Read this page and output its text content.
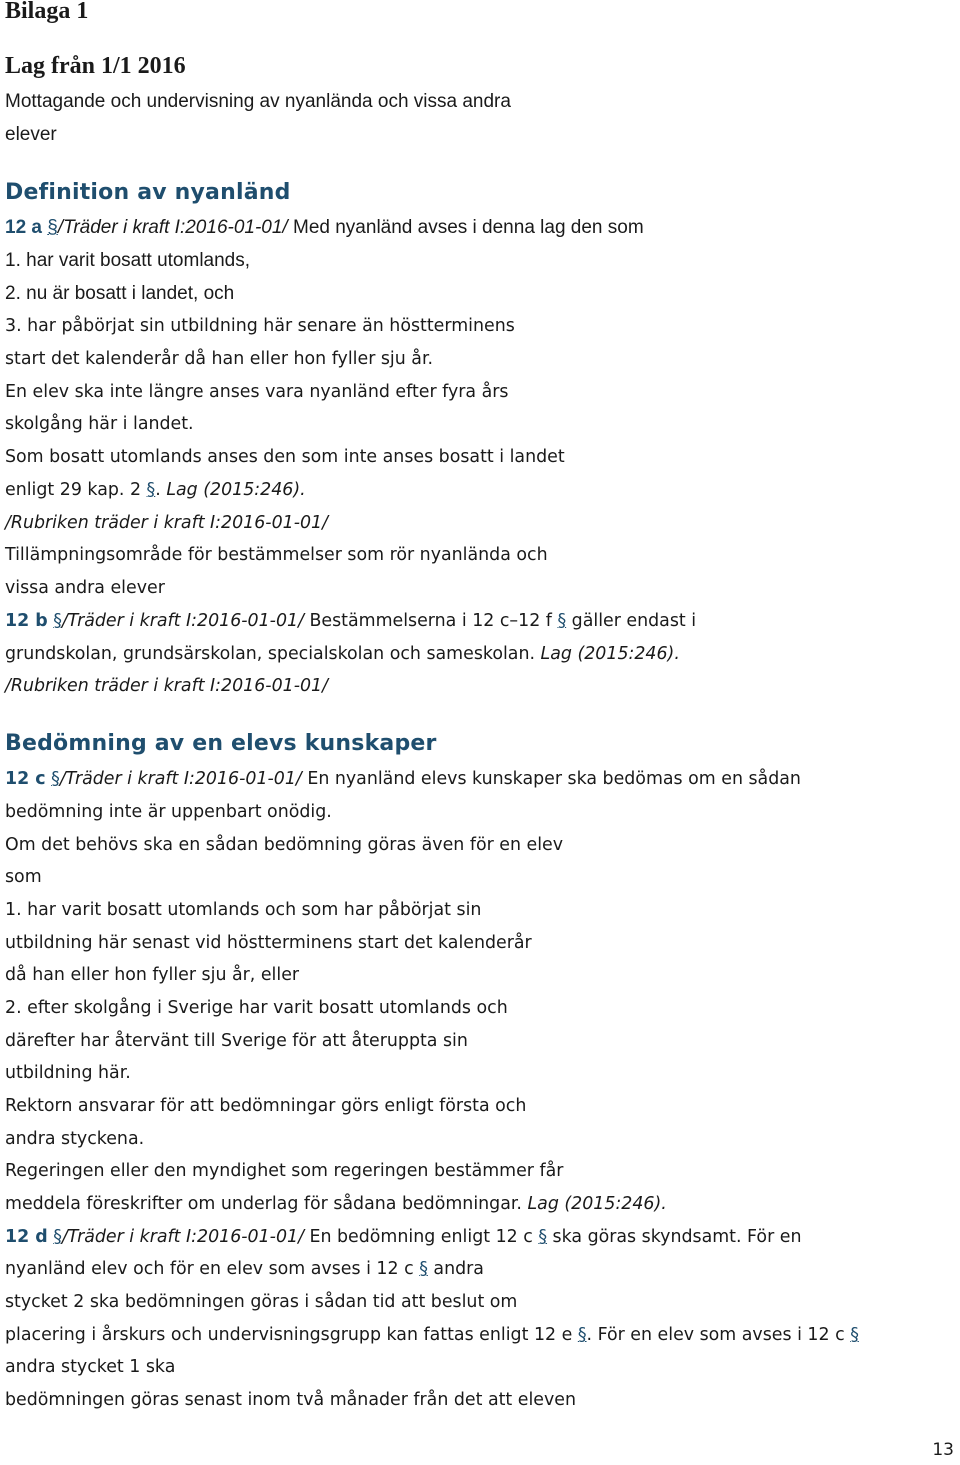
Bilaga 1
Lag från 1/1 2016
Mottagande och undervisning av nyanlända och vissa andra
elever
Definition av nyanländ
12 a §/Träder i kraft I:2016-01-01/ Med nyanländ avses i denna lag den som
1. har varit bosatt utomlands,
2. nu är bosatt i landet, och
3. har påbörjat sin utbildning här senare än höstterminens
start det kalenderår då han eller hon fyller sju år.
En elev ska inte längre anses vara nyanländ efter fyra års
skolgång här i landet.
Som bosatt utomlands anses den som inte anses bosatt i landet
enligt 29 kap. 2 §. Lag (2015:246).
/Rubriken träder i kraft I:2016-01-01/
Tillämpningsområde för bestämmelser som rör nyanlända och
vissa andra elever
12 b §/Träder i kraft I:2016-01-01/ Bestämmelserna i 12 c–12 f § gäller endast i
grundskolan, grundsärskolan, specialskolan och sameskolan. Lag (2015:246).
/Rubriken träder i kraft I:2016-01-01/
Bedömning av en elevs kunskaper
12 c §/Träder i kraft I:2016-01-01/ En nyanländ elevs kunskaper ska bedömas om en sådan
bedömning inte är uppenbart onödig.
Om det behövs ska en sådan bedömning göras även för en elev
som
1. har varit bosatt utomlands och som har påbörjat sin
utbildning här senast vid höstterminens start det kalenderår
då han eller hon fyller sju år, eller
2. efter skolgång i Sverige har varit bosatt utomlands och
därefter har återvänt till Sverige för att återuppta sin
utbildning här.
Rektorn ansvarar för att bedömningar görs enligt första och
andra styckena.
Regeringen eller den myndighet som regeringen bestämmer får
meddela föreskrifter om underlag för sådana bedömningar. Lag (2015:246).
12 d §/Träder i kraft I:2016-01-01/ En bedömning enligt 12 c § ska göras skyndsamt. För en
nyanländ elev och för en elev som avses i 12 c § andra
stycket 2 ska bedömningen göras i sådan tid att beslut om
placering i årskurs och undervisningsgrupp kan fattas enligt 12 e §. För en elev som avses i 12 c §
andra stycket 1 ska
bedömningen göras senast inom två månader från det att eleven
13
